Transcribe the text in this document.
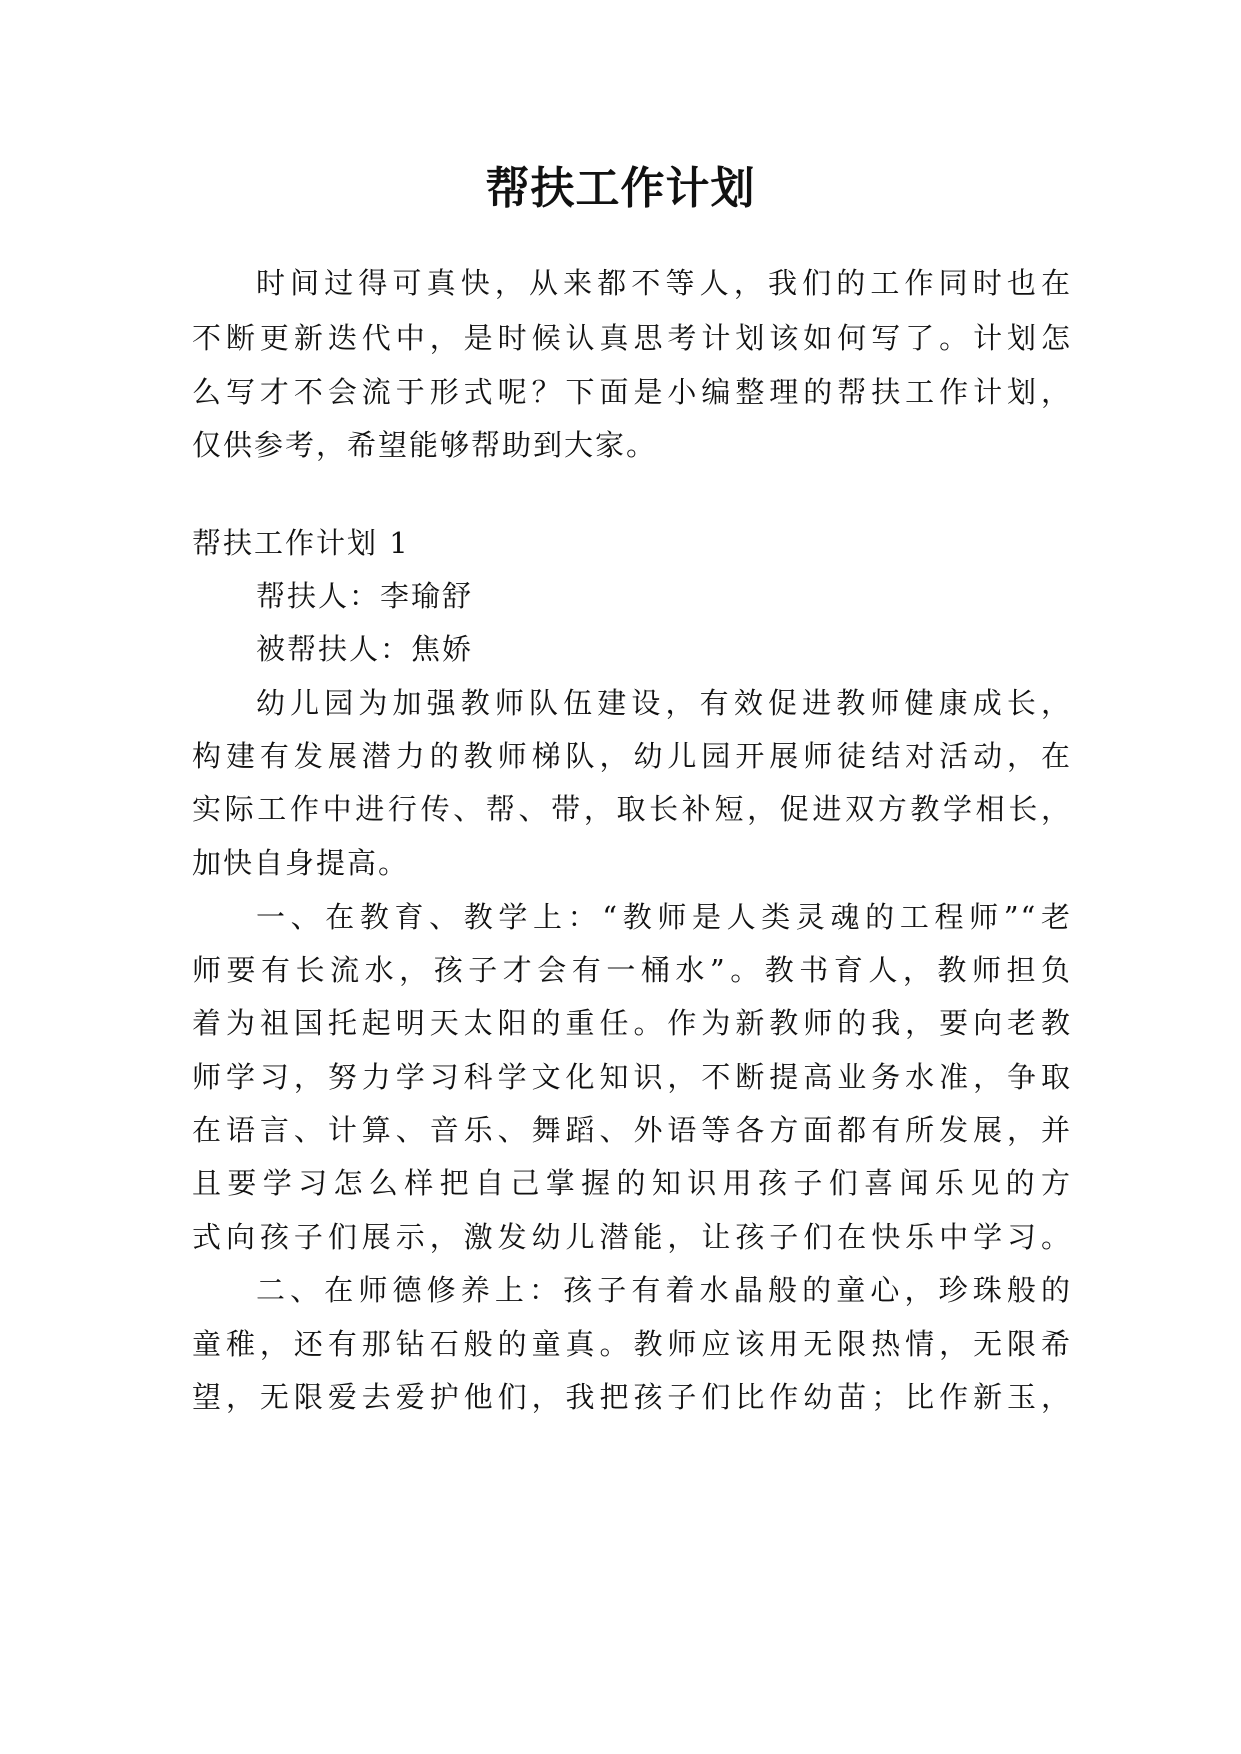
帮扶工作计划
时间过得可真快，从来都不等人，我们的工作同时也在
不断更新迭代中，是时候认真思考计划该如何写了。计划怎
么写才不会流于形式呢？下面是小编整理的帮扶工作计划，
仅供参考，希望能够帮助到大家。
帮扶工作计划 1
帮扶人：李瑜舒
被帮扶人：焦娇
幼儿园为加强教师队伍建设，有效促进教师健康成长，
构建有发展潜力的教师梯队，幼儿园开展师徒结对活动，在
实际工作中进行传、帮、带，取长补短，促进双方教学相长，
加快自身提高。
一、在教育、教学上：“教师是人类灵魂的工程师”“老
师要有长流水，孩子才会有一桶水”。教书育人，教师担负
着为祖国托起明天太阳的重任。作为新教师的我，要向老教
师学习，努力学习科学文化知识，不断提高业务水准，争取
在语言、计算、音乐、舞蹈、外语等各方面都有所发展，并
且要学习怎么样把自己掌握的知识用孩子们喜闻乐见的方
式向孩子们展示，激发幼儿潜能，让孩子们在快乐中学习。
二、在师德修养上：孩子有着水晶般的童心，珍珠般的
童稚，还有那钻石般的童真。教师应该用无限热情，无限希
望，无限爱去爱护他们，我把孩子们比作幼苗；比作新玉，
